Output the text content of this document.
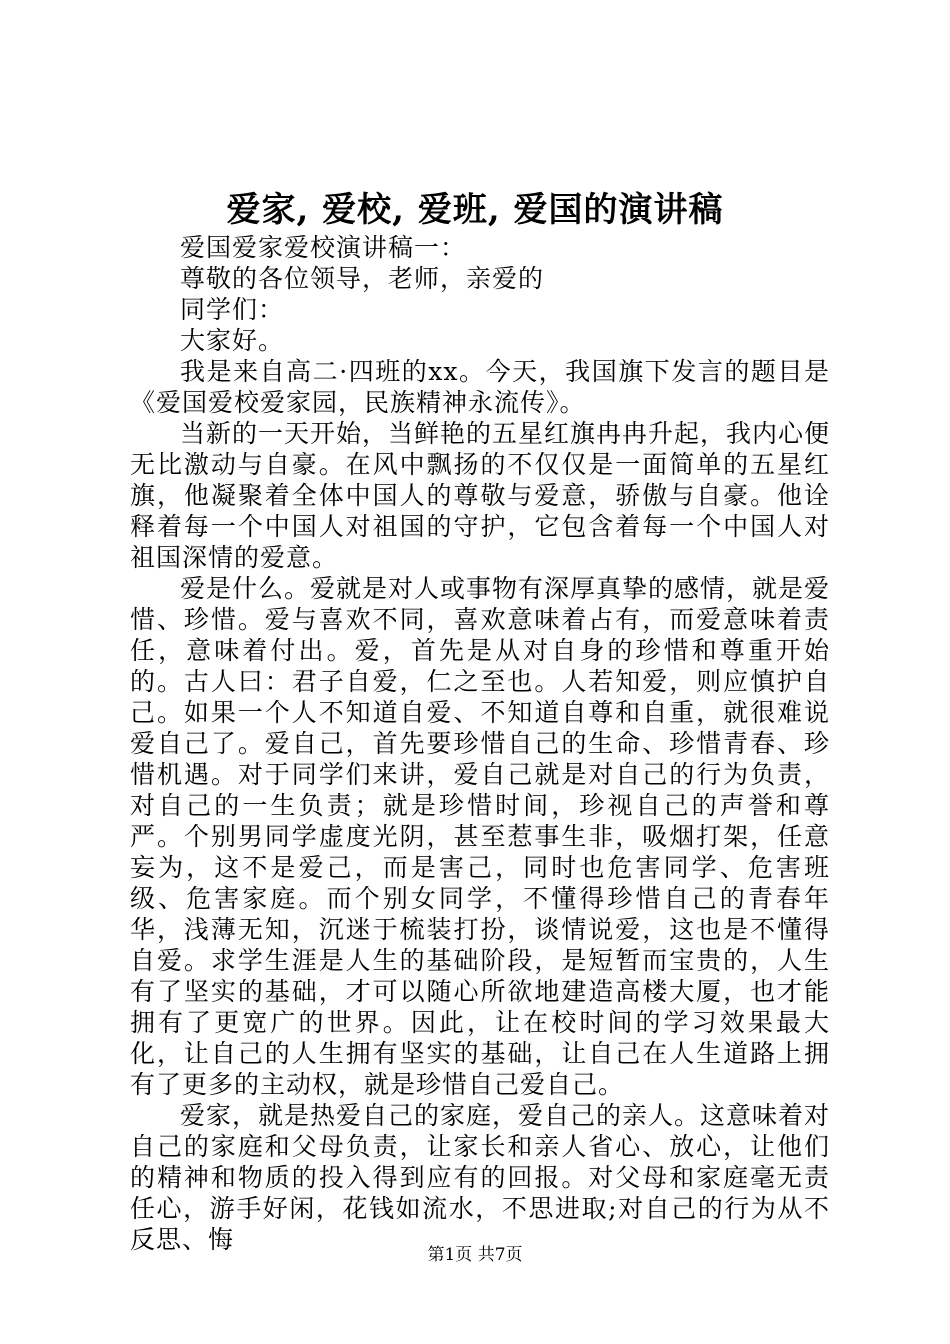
爱家, 爱校, 爱班, 爱国的演讲稿

爱国爱家爱校演讲稿一：

尊敬的各位领导，老师，亲爱的

同学们：

大家好。

我是来自高二·四班的xx。今天，我国旗下发言的题目是《爱国爱校爱家园，民族精神永流传》。

当新的一天开始，当鲜艳的五星红旗冉冉升起，我内心便无比激动与自豪。在风中飘扬的不仅仅是一面简单的五星红旗，他凝聚着全体中国人的尊敬与爱意，骄傲与自豪。他诠释着每一个中国人对祖国的守护，它包含着每一个中国人对祖国深情的爱意。

爱是什么。爱就是对人或事物有深厚真挚的感情，就是爱惜、珍惜。爱与喜欢不同，喜欢意味着占有，而爱意味着责任，意味着付出。爱，首先是从对自身的珍惜和尊重开始的。古人曰：君子自爱，仁之至也。人若知爱，则应慎护自己。如果一个人不知道自爱、不知道自尊和自重，就很难说爱自己了。爱自己，首先要珍惜自己的生命、珍惜青春、珍惜机遇。对于同学们来讲，爱自己就是对自己的行为负责，对自己的一生负责；就是珍惜时间，珍视自己的声誉和尊严。个别男同学虚度光阴，甚至惹事生非，吸烟打架，任意妄为，这不是爱己，而是害己，同时也危害同学、危害班级、危害家庭。而个别女同学，不懂得珍惜自己的青春年华，浅薄无知，沉迷于梳装打扮，谈情说爱，这也是不懂得自爱。求学生涯是人生的基础阶段，是短暂而宝贵的，人生有了坚实的基础，才可以随心所欲地建造高楼大厦，也才能拥有了更宽广的世界。因此，让在校时间的学习效果最大化，让自己的人生拥有坚实的基础，让自己在人生道路上拥有了更多的主动权，就是珍惜自己爱自己。

爱家，就是热爱自己的家庭，爱自己的亲人。这意味着对自己的家庭和父母负责，让家长和亲人省心、放心，让他们的精神和物质的投入得到应有的回报。对父母和家庭毫无责任心，游手好闲，花钱如流水，不思进取;对自己的行为从不反思、悔

第1页 共7页
